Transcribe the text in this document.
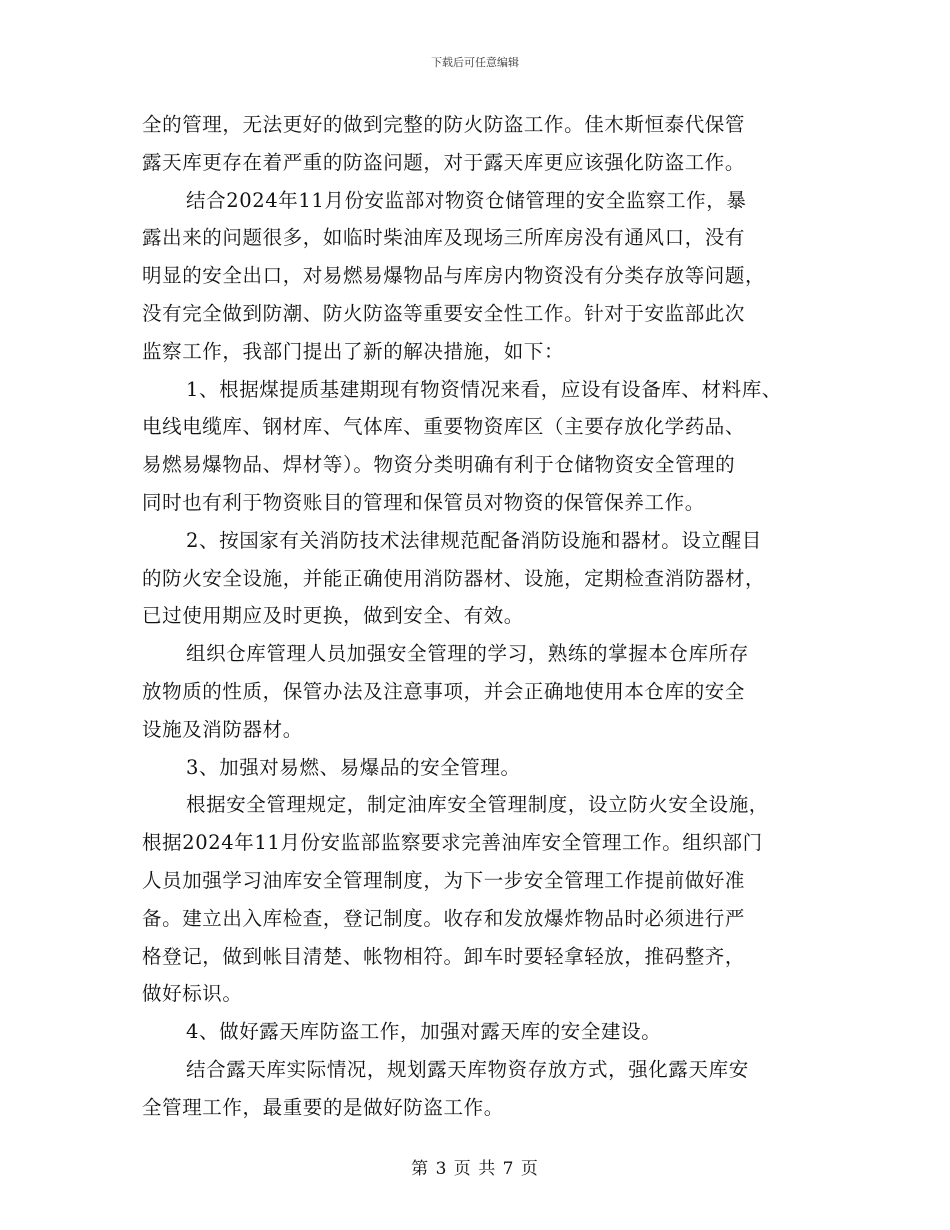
下载后可任意编辑
全的管理，无法更好的做到完整的防火防盗工作。佳木斯恒泰代保管
露天库更存在着严重的防盗问题，对于露天库更应该强化防盗工作。
结合2024年11月份安监部对物资仓储管理的安全监察工作，暴
露出来的问题很多，如临时柴油库及现场三所库房没有通风口，没有
明显的安全出口，对易燃易爆物品与库房内物资没有分类存放等问题，
没有完全做到防潮、防火防盗等重要安全性工作。针对于安监部此次
监察工作，我部门提出了新的解决措施，如下：
1、根据煤提质基建期现有物资情况来看，应设有设备库、材料库、
电线电缆库、钢材库、气体库、重要物资库区（主要存放化学药品、
易燃易爆物品、焊材等）。物资分类明确有利于仓储物资安全管理的
同时也有利于物资账目的管理和保管员对物资的保管保养工作。
2、按国家有关消防技术法律规范配备消防设施和器材。设立醒目
的防火安全设施，并能正确使用消防器材、设施，定期检查消防器材，
已过使用期应及时更换，做到安全、有效。
组织仓库管理人员加强安全管理的学习，熟练的掌握本仓库所存
放物质的性质，保管办法及注意事项，并会正确地使用本仓库的安全
设施及消防器材。
3、加强对易燃、易爆品的安全管理。
根据安全管理规定，制定油库安全管理制度，设立防火安全设施，
根据2024年11月份安监部监察要求完善油库安全管理工作。组织部门
人员加强学习油库安全管理制度，为下一步安全管理工作提前做好准
备。建立出入库检查，登记制度。收存和发放爆炸物品时必须进行严
格登记，做到帐目清楚、帐物相符。卸车时要轻拿轻放，推码整齐，
做好标识。
4、做好露天库防盗工作，加强对露天库的安全建设。
结合露天库实际情况，规划露天库物资存放方式，强化露天库安
全管理工作，最重要的是做好防盗工作。
第 3 页 共 7 页
